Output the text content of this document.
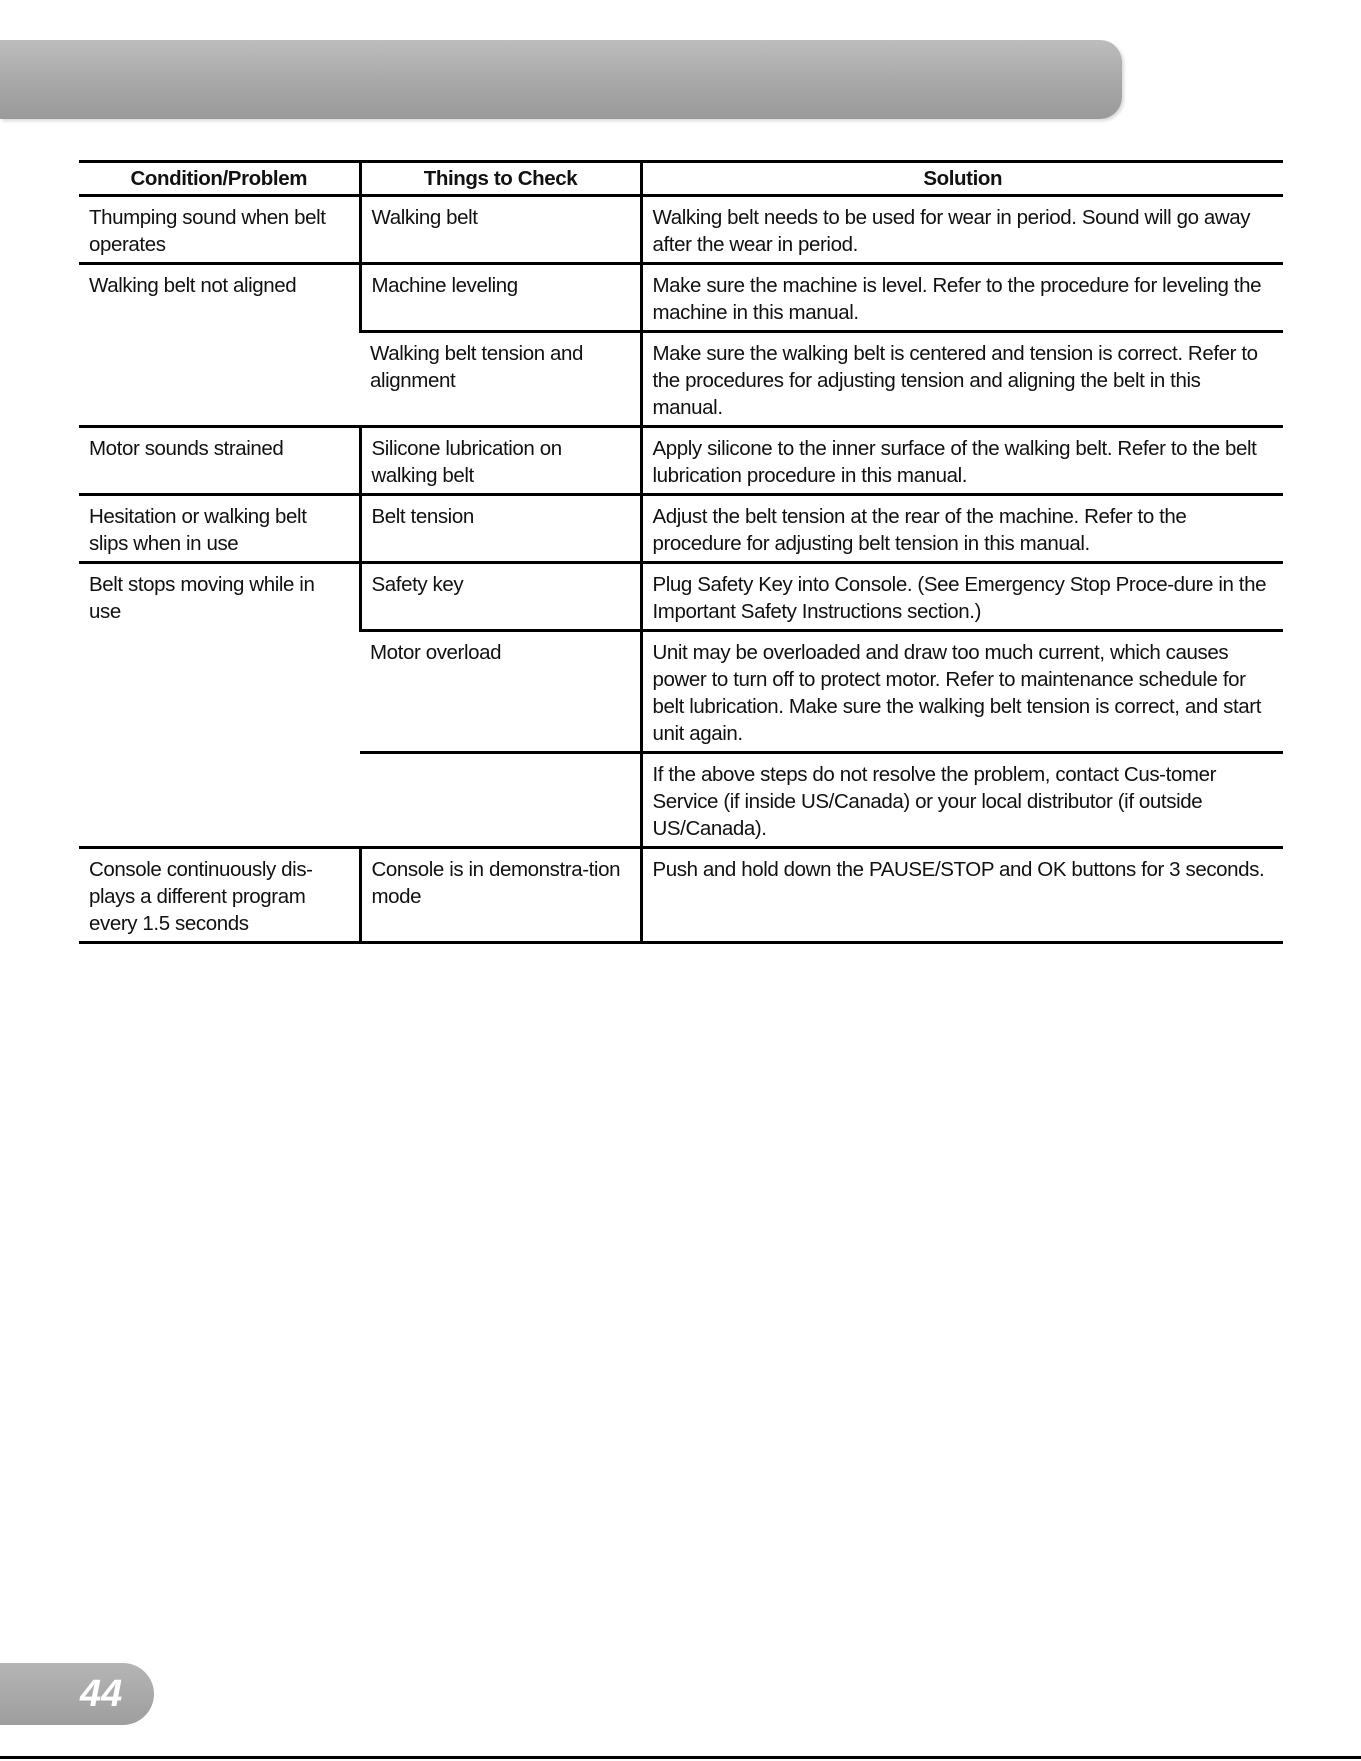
Condition/Problem	Things to Check	Solution
Thumping sound when belt operates	Walking belt	Walking belt needs to be used for wear in period. Sound will go away after the wear in period.
Walking belt not aligned	Machine leveling	Make sure the machine is level. Refer to the procedure for leveling the machine in this manual.
	Walking belt tension and alignment	Make sure the walking belt is centered and tension is correct. Refer to the procedures for adjusting tension and aligning the belt in this manual.
Motor sounds strained	Silicone lubrication on walking belt	Apply silicone to the inner surface of the walking belt. Refer to the belt lubrication procedure in this manual.
Hesitation or walking belt slips when in use	Belt tension	Adjust the belt tension at the rear of the machine. Refer to the procedure for adjusting belt tension in this manual.
Belt stops moving while in use	Safety key	Plug Safety Key into Console. (See Emergency Stop Proce-dure in the Important Safety Instructions section.)
	Motor overload	Unit may be overloaded and draw too much current, which causes power to turn off to protect motor. Refer to maintenance schedule for belt lubrication. Make sure the walking belt tension is correct, and start unit again.
		If the above steps do not resolve the problem, contact Cus-tomer Service (if inside US/Canada) or your local distributor (if outside US/Canada).
Console continuously dis-plays a different program every 1.5 seconds	Console is in demonstra-tion mode	Push and hold down the PAUSE/STOP and OK buttons for 3 seconds.
44
